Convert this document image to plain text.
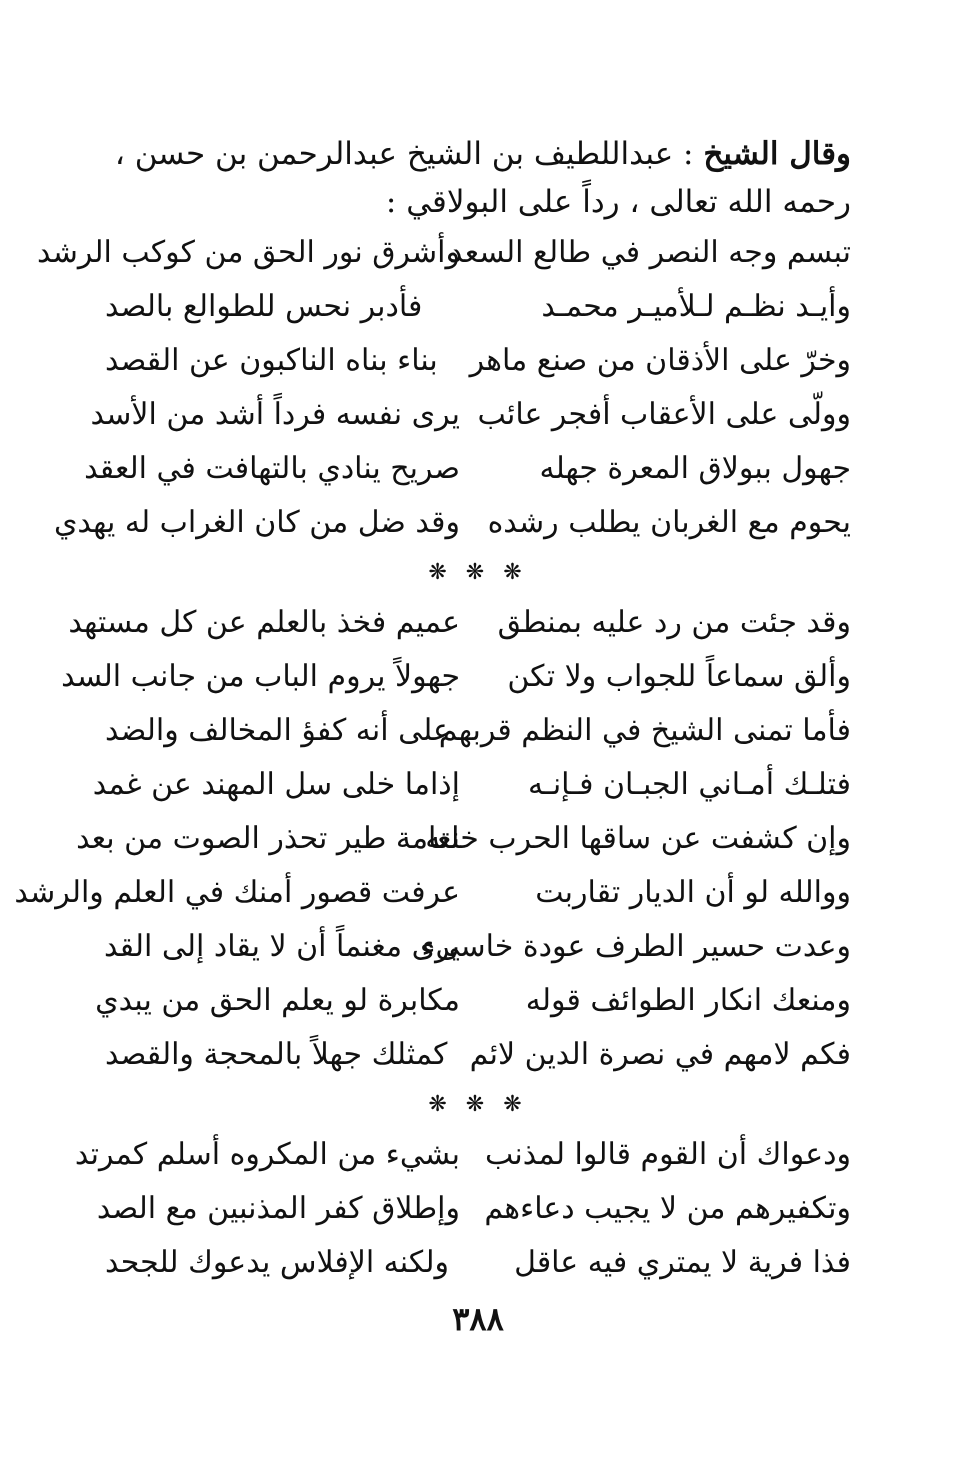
وقال الشيخ : عبداللطيف بن الشيخ عبدالرحمن بن حسن ،
رحمه الله تعالى ، رداً على البولاقي :
تبسم وجه النصر في طالع السعد
وأشرق نور الحق من كوكب الرشد
وأيـد نظـم لـلأميـر محمـد
فأدبر نحس للطوالع بالصد
وخرّ على الأذقان من صنع ماهر
بناء بناه الناكبون عن القصد
وولّى على الأعقاب أفجر عائب
يرى نفسه فرداً أشد من الأسد
جهول ببولاق المعرة جهله
صريح ينادي بالتهافت في العقد
يحوم مع الغربان يطلب رشده
وقد ضل من كان الغراب له يهدي
❋ ❋ ❋
وقد جئت من رد عليه بمنطق
عميم فخذ بالعلم عن كل مستهد
وألق سماعاً للجواب ولا تكن
جهولاً يروم الباب من جانب السد
فأما تمنى الشيخ في النظم قربهم
على أنه كفؤ المخالف والضد
فتلـك أمـاني الجبـان فـإنـه
إذاما خلى سل المهند عن غمد
وإن كشفت عن ساقها الحرب خلته
نعامة طير تحذر الصوت من بعد
ووالله لو أن الديار تقاربت
عرفت قصور أمنك في العلم والرشد
وعدت حسير الطرف عودة خاسىء
يرى مغنماً أن لا يقاد إلى القد
ومنعك انكار الطوائف قوله
مكابرة لو يعلم الحق من يبدي
فكم لامهم في نصرة الدين لائم
كمثلك جهلاً بالمحجة والقصد
❋ ❋ ❋
ودعواك أن القوم قالوا لمذنب
بشيء من المكروه أسلم كمرتد
وتكفيرهم من لا يجيب دعاءهم
وإطلاق كفر المذنبين مع الصد
فذا فرية لا يمتري فيه عاقل
ولكنه الإفلاس يدعوك للجحد
٣٨٨
